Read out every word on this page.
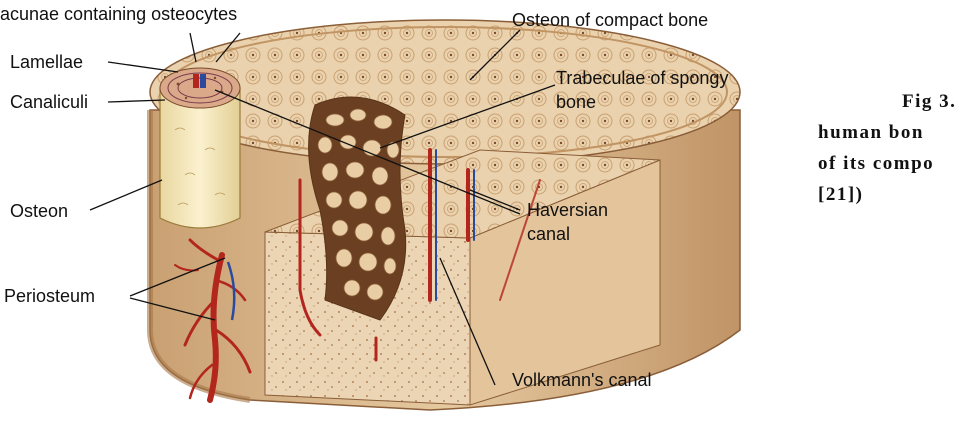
acunae containing osteocytes
Lamellae
Canaliculi
Osteon
Periosteum
Osteon of compact bone
Trabeculae of spongy
bone
Haversian
canal
Volkmann's canal
Fig 3.
human bon
of its compo
[21])
